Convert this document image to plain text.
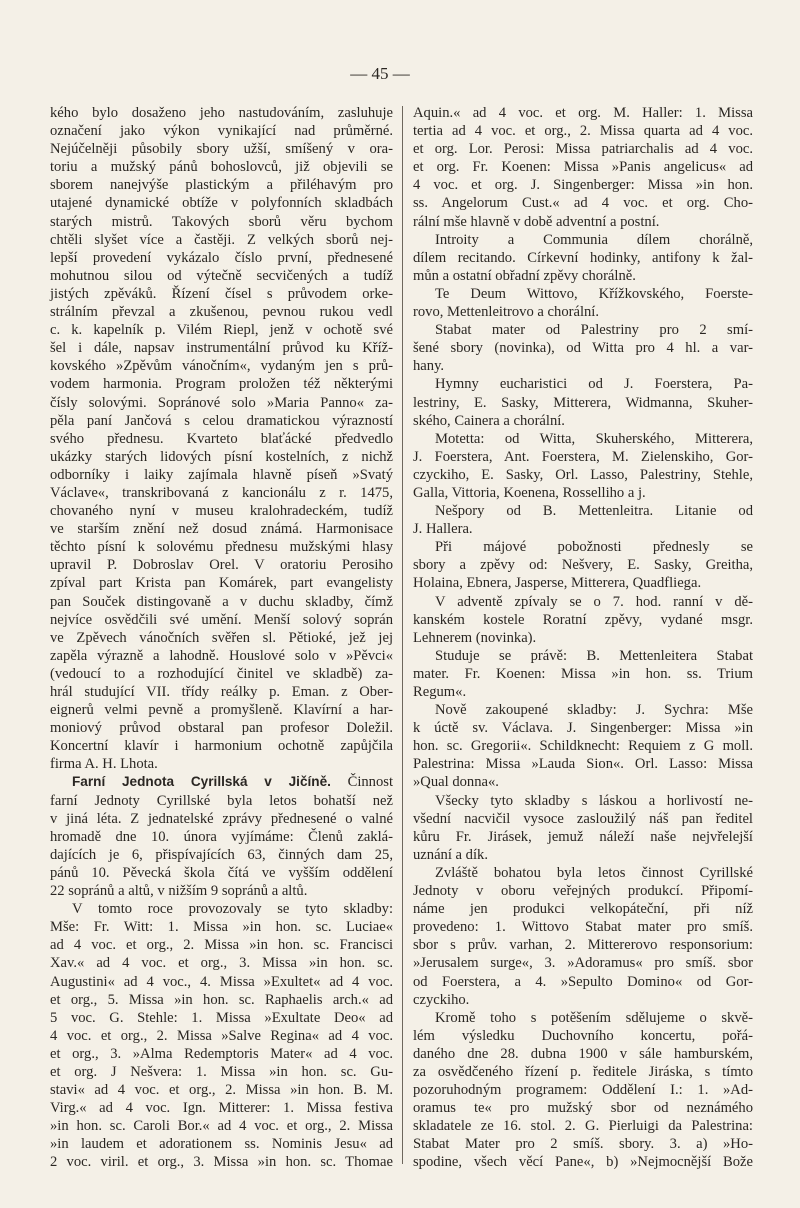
— 45 —
kého bylo dosaženo jeho nastudováním, zasluhuje
označení jako výkon vynikající nad průměrné.
Nejúčelněji působily sbory užší, smíšený v ora-
toriu a mužský pánů bohoslovců, již objevili se
sborem nanejvýše plastickým a přiléhavým pro
utajené dynamické obtíže v polyfonních skladbách
starých mistrů. Takových sborů věru bychom
chtěli slyšet více a častěji. Z velkých sborů nej-
lepší provedení vykázalo číslo první, přednesené
mohutnou silou od výtečně secvičených a tudíž
jistých zpěváků. Řízení čísel s průvodem orke-
strálním převzal a zkušenou, pevnou rukou vedl
c. k. kapelník p. Vilém Riepl, jenž v ochotě své
šel i dále, napsav instrumentální průvod ku Kříž-
kovského »Zpěvům vánočním«, vydaným jen s prů-
vodem harmonia. Program proložen též některými
čísly solovými. Sopránové solo »Maria Panno« za-
pěla paní Jančová s celou dramatickou výrazností
svého přednesu. Kvarteto blaťácké předvedlo
ukázky starých lidových písní kostelních, z nichž
odborníky i laiky zajímala hlavně píseň »Svatý
Václave«, transkribovaná z kancionálu z r. 1475,
chovaného nyní v museu kralohradeckém, tudíž
ve starším znění než dosud známá. Harmonisace
těchto písní k solovému přednesu mužskými hlasy
upravil P. Dobroslav Orel. V oratoriu Perosiho
zpíval part Krista pan Komárek, part evangelisty
pan Souček distingovaně a v duchu skladby, čímž
nejvíce osvědčili své umění. Menší solový soprán
ve Zpěvech vánočních svěřen sl. Pětioké, jež jej
zapěla výrazně a lahodně. Houslové solo v »Pěvci«
(vedoucí to a rozhodující činitel ve skladbě) za-
hrál studující VII. třídy reálky p. Eman. z Ober-
eignerů velmi pevně a promyšleně. Klavírní a har-
moniový průvod obstaral pan profesor Doležil.
Koncertní klavír i harmonium ochotně zapůjčila
firma A. H. Lhota.
Farní Jednota Cyrillská v Jičíně. Činnost
farní Jednoty Cyrillské byla letos bohatší než
v jiná léta. Z jednatelské zprávy přednesené o valné
hromadě dne 10. února vyjímáme: Členů zaklá-
dajících je 6, přispívajících 63, činných dam 25,
pánů 10. Pěvecká škola čítá ve vyšším oddělení
22 sopránů a altů, v nižším 9 sopránů a altů.
V tomto roce provozovaly se tyto skladby:
Mše: Fr. Witt: 1. Missa »in hon. sc. Luciae«
ad 4 voc. et org., 2. Missa »in hon. sc. Francisci
Xav.« ad 4 voc. et org., 3. Missa »in hon. sc.
Augustini« ad 4 voc., 4. Missa »Exultet« ad 4 voc.
et org., 5. Missa »in hon. sc. Raphaelis arch.« ad
5 voc. G. Stehle: 1. Missa »Exultate Deo« ad
4 voc. et org., 2. Missa »Salve Regina« ad 4 voc.
et org., 3. »Alma Redemptoris Mater« ad 4 voc.
et org. J Nešvera: 1. Missa »in hon. sc. Gu-
stavi« ad 4 voc. et org., 2. Missa »in hon. B. M.
Virg.« ad 4 voc. Ign. Mitterer: 1. Missa festiva
»in hon. sc. Caroli Bor.« ad 4 voc. et org., 2. Missa
»in laudem et adorationem ss. Nominis Jesu« ad
2 voc. viril. et org., 3. Missa »in hon. sc. Thomae
Aquin.« ad 4 voc. et org. M. Haller: 1. Missa
tertia ad 4 voc. et org., 2. Missa quarta ad 4 voc.
et org. Lor. Perosi: Missa patriarchalis ad 4 voc.
et org. Fr. Koenen: Missa »Panis angelicus« ad
4 voc. et org. J. Singenberger: Missa »in hon.
ss. Angelorum Cust.« ad 4 voc. et org. Cho-
rální mše hlavně v době adventní a postní.
Introity a Communia dílem chorálně,
dílem recitando. Církevní hodinky, antifony k žal-
můn a ostatní obřadní zpěvy chorálně.
Te Deum Wittovo, Křížkovského, Foerste-
rovo, Mettenleitrovo a chorální.
Stabat mater od Palestriny pro 2 smí-
šené sbory (novinka), od Witta pro 4 hl. a var-
hany.
Hymny eucharistici od J. Foerstera, Pa-
lestriny, E. Sasky, Mitterera, Widmanna, Skuher-
ského, Cainera a chorální.
Motetta: od Witta, Skuherského, Mitterera,
J. Foerstera, Ant. Foerstera, M. Zielenskiho, Gor-
czyckiho, E. Sasky, Orl. Lasso, Palestriny, Stehle,
Galla, Vittoria, Koenena, Rosselliho a j.
Nešpory od B. Mettenleitra. Litanie od
J. Hallera.
Při májové pobožnosti přednesly se
sbory a zpěvy od: Nešvery, E. Sasky, Greitha,
Holaina, Ebnera, Jasperse, Mitterera, Quadfliega.
V adventě zpívaly se o 7. hod. ranní v dě-
kanském kostele Roratní zpěvy, vydané msgr.
Lehnerem (novinka).
Studuje se právě: B. Mettenleitera Stabat
mater. Fr. Koenen: Missa »in hon. ss. Trium
Regum«.
Nově zakoupené skladby: J. Sychra: Mše
k úctě sv. Václava. J. Singenberger: Missa »in
hon. sc. Gregorii«. Schildknecht: Requiem z G moll.
Palestrina: Missa »Lauda Sion«. Orl. Lasso: Missa
»Qual donna«.
Všecky tyto skladby s láskou a horlivostí ne-
všední nacvičil vysoce zasloužilý náš pan ředitel
kůru Fr. Jirásek, jemuž náleží naše nejvřelejší
uznání a dík.
Zvláště bohatou byla letos činnost Cyrillské
Jednoty v oboru veřejných produkcí. Připomí-
náme jen produkci velkopáteční, při níž
provedeno: 1. Wittovo Stabat mater pro smíš.
sbor s prův. varhan, 2. Mittererovo responsorium:
»Jerusalem surge«, 3. »Adoramus« pro smíš. sbor
od Foerstera, a 4. »Sepulto Domino« od Gor-
czyckiho.
Kromě toho s potěšením sdělujeme o skvě-
lém výsledku Duchovního koncertu, pořá-
daného dne 28. dubna 1900 v sále hamburském,
za osvědčeného řízení p. ředitele Jiráska, s tímto
pozoruhodným programem: Oddělení I.: 1. »Ad-
oramus te« pro mužský sbor od neznámého
skladatele ze 16. stol. 2. G. Pierluigi da Palestrina:
Stabat Mater pro 2 smíš. sbory. 3. a) »Ho-
spodine, všech věcí Pane«, b) »Nejmocnější Bože
